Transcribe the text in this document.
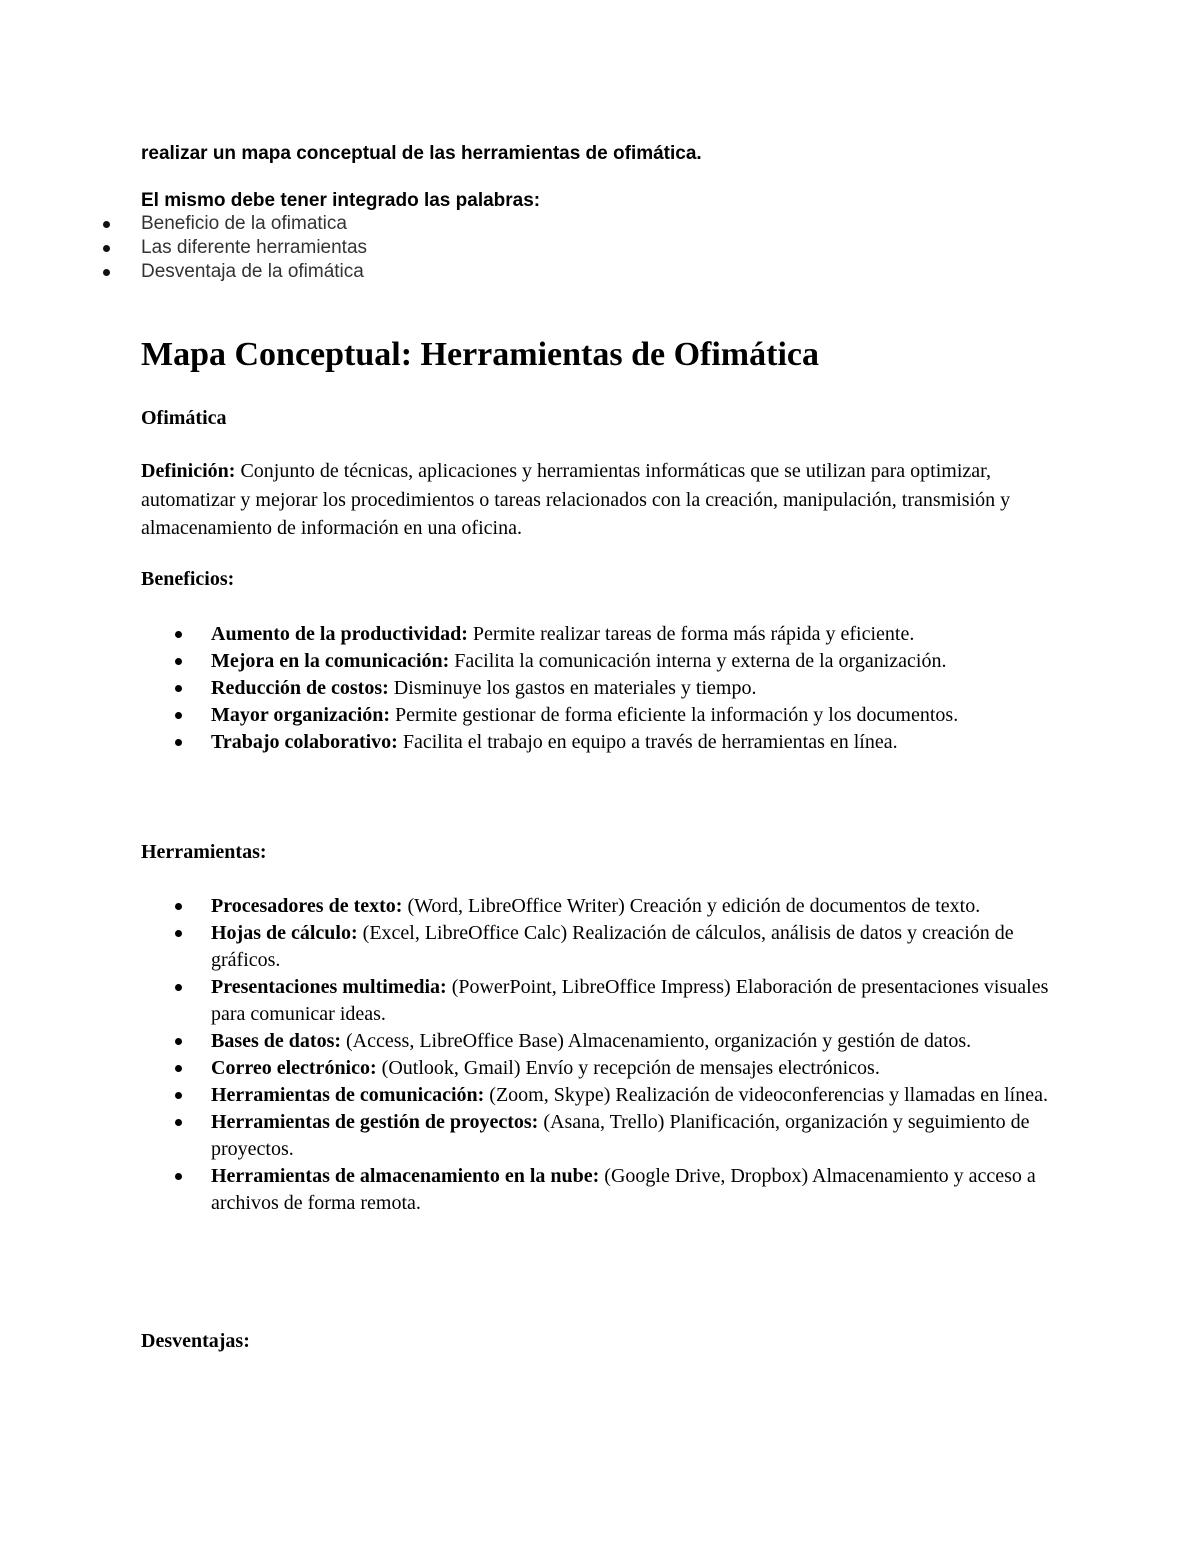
realizar un mapa conceptual de las herramientas de ofimática.
El mismo debe tener integrado las palabras:
Beneficio de la ofimatica
Las diferente herramientas
Desventaja de la ofimática
Mapa Conceptual: Herramientas de Ofimática
Ofimática

Definición: Conjunto de técnicas, aplicaciones y herramientas informáticas que se utilizan para optimizar, automatizar y mejorar los procedimientos o tareas relacionados con la creación, manipulación, transmisión y almacenamiento de información en una oficina.

Beneficios:
Aumento de la productividad: Permite realizar tareas de forma más rápida y eficiente.
Mejora en la comunicación: Facilita la comunicación interna y externa de la organización.
Reducción de costos: Disminuye los gastos en materiales y tiempo.
Mayor organización: Permite gestionar de forma eficiente la información y los documentos.
Trabajo colaborativo: Facilita el trabajo en equipo a través de herramientas en línea.
Herramientas:
Procesadores de texto: (Word, LibreOffice Writer) Creación y edición de documentos de texto.
Hojas de cálculo: (Excel, LibreOffice Calc) Realización de cálculos, análisis de datos y creación de gráficos.
Presentaciones multimedia: (PowerPoint, LibreOffice Impress) Elaboración de presentaciones visuales para comunicar ideas.
Bases de datos: (Access, LibreOffice Base) Almacenamiento, organización y gestión de datos.
Correo electrónico: (Outlook, Gmail) Envío y recepción de mensajes electrónicos.
Herramientas de comunicación: (Zoom, Skype) Realización de videoconferencias y llamadas en línea.
Herramientas de gestión de proyectos: (Asana, Trello) Planificación, organización y seguimiento de proyectos.
Herramientas de almacenamiento en la nube: (Google Drive, Dropbox) Almacenamiento y acceso a archivos de forma remota.
Desventajas:
